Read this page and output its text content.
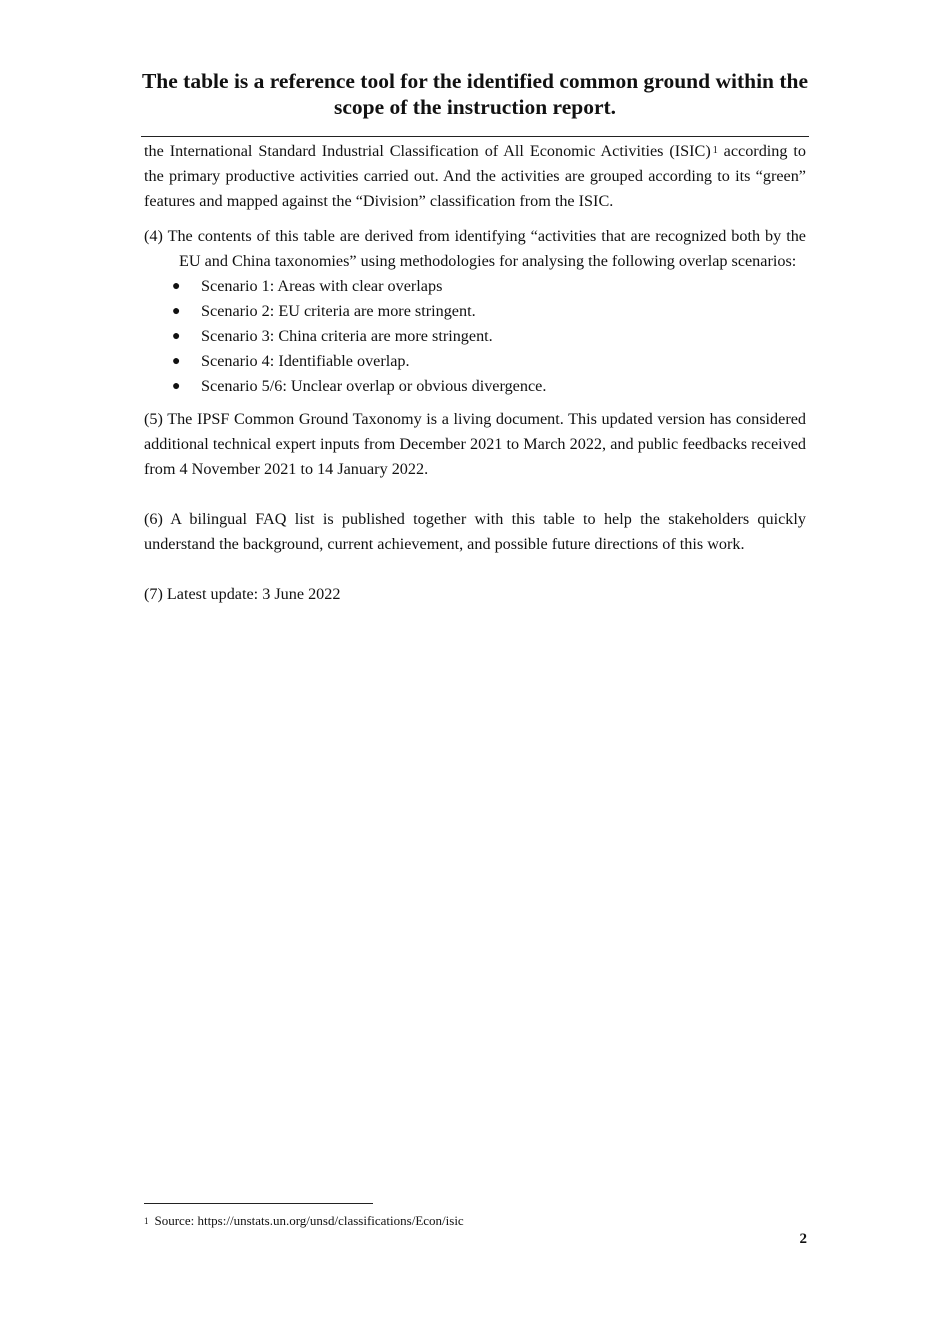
The table is a reference tool for the identified common ground within the scope of the instruction report.

the International Standard Industrial Classification of All Economic Activities (ISIC) $^1$ according to the primary productive activities carried out. And the activities are grouped according to its “green” features and mapped against the “Division” classification from the ISIC.

(4) The contents of this table are derived from identifying “activities that are recognized both by the EU and China taxonomies” using methodologies for analysing the following overlap scenarios:

● Scenario 1: Areas with clear overlaps
● Scenario 2: EU criteria are more stringent.
● Scenario 3: China criteria are more stringent.
● Scenario 4: Identifiable overlap.
● Scenario 5/6: Unclear overlap or obvious divergence.

(5) The IPSF Common Ground Taxonomy is a living document. This updated version has considered additional technical expert inputs from December 2021 to March 2022, and public feedbacks received from 4 November 2021 to 14 January 2022.

(6) A bilingual FAQ list is published together with this table to help the stakeholders quickly understand the background, current achievement, and possible future directions of this work.

(7) Latest update: 3 June 2022

$^1$ Source: https://unstats.un.org/unsd/classifications/Econ/isic
2
